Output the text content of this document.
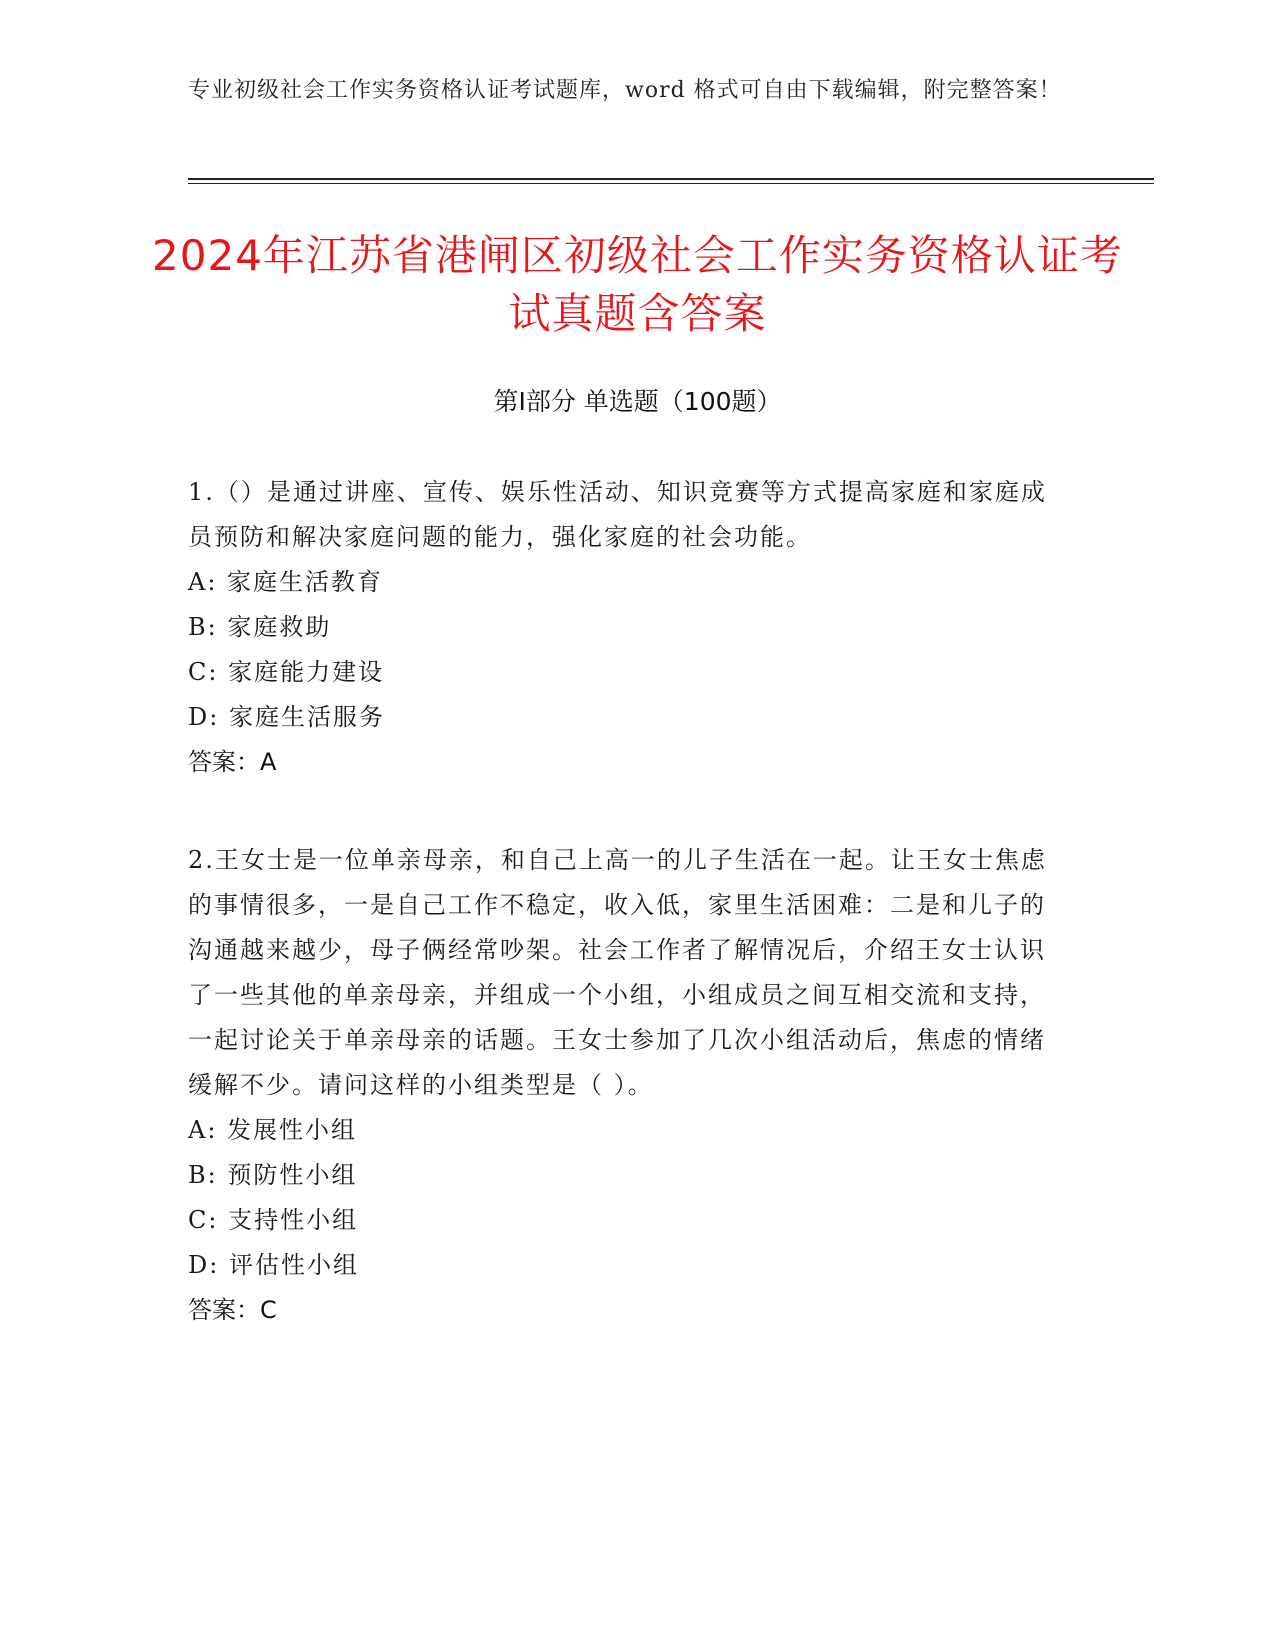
专业初级社会工作实务资格认证考试题库，word 格式可自由下载编辑，附完整答案！
2024年江苏省港闸区初级社会工作实务资格认证考试真题含答案
第Ⅰ部分 单选题（100题）

1.（）是通过讲座、宣传、娱乐性活动、知识竞赛等方式提高家庭和家庭成员预防和解决家庭问题的能力，强化家庭的社会功能。

A: 家庭生活教育

B: 家庭救助

C: 家庭能力建设

D: 家庭生活服务

答案：A

2.王女士是一位单亲母亲，和自己上高一的儿子生活在一起。让王女士焦虑的事情很多，一是自己工作不稳定，收入低，家里生活困难：二是和儿子的沟通越来越少，母子俩经常吵架。社会工作者了解情况后，介绍王女士认识了一些其他的单亲母亲，并组成一个小组，小组成员之间互相交流和支持，一起讨论关于单亲母亲的话题。王女士参加了几次小组活动后，焦虑的情绪缓解不少。请问这样的小组类型是（ ）。

A: 发展性小组

B: 预防性小组

C: 支持性小组

D: 评估性小组

答案：C
